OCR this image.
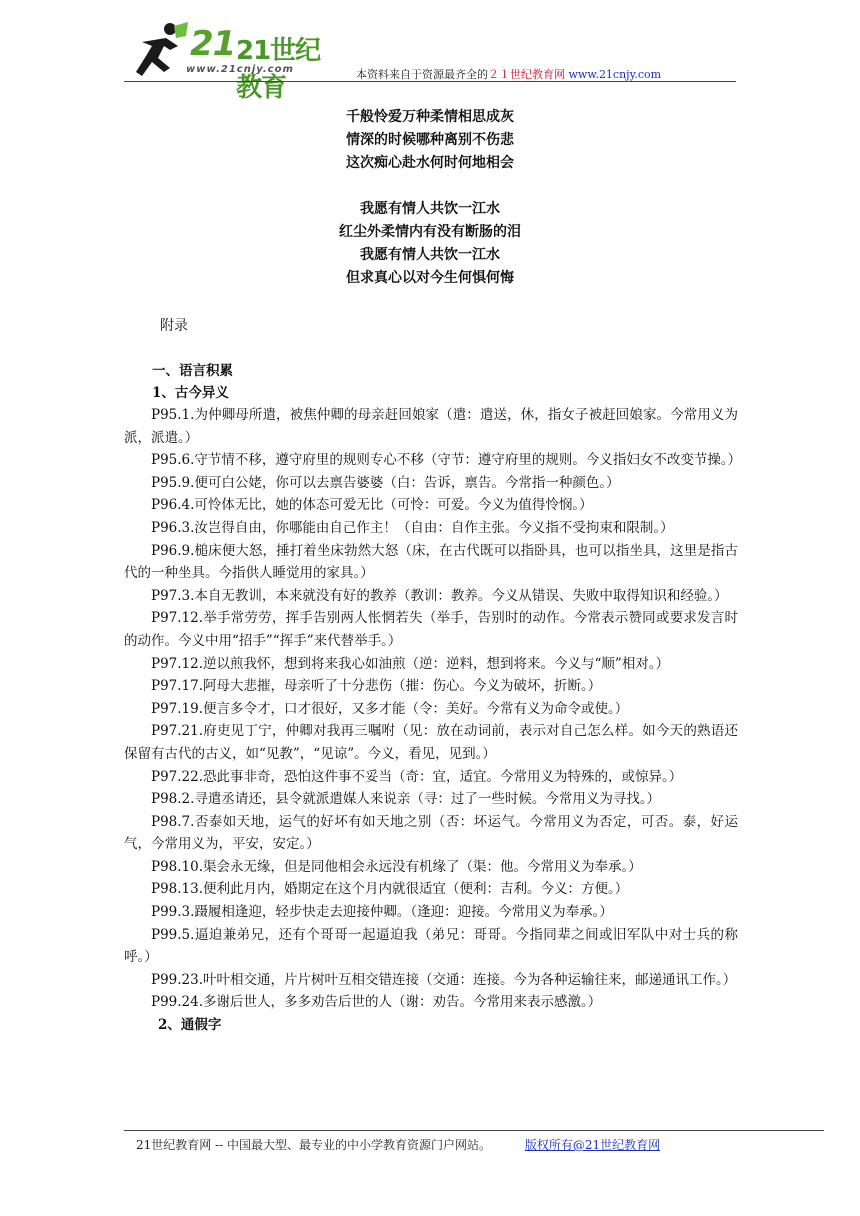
21 21世纪教育
www.21cnjy.com	本资料来自于资源最齐全的２１世纪教育网 www.21cnjy.com
千般怜爱万种柔情相思成灰
情深的时候哪种离别不伤悲
这次痴心赴水何时何地相会
我愿有情人共饮一江水
红尘外柔情内有没有断肠的泪
我愿有情人共饮一江水
但求真心以对今生何惧何悔
附录
一、语言积累
1、古今异义

P95.1.为仲卿母所遣，被焦仲卿的母亲赶回娘家（遣：遣送，休，指女子被赶回娘家。今常用义为派，派遣。）

P95.6.守节情不移，遵守府里的规则专心不移（守节：遵守府里的规则。今义指妇女不改变节操。）

P95.9.便可白公姥，你可以去禀告婆婆（白：告诉，禀告。今常指一种颜色。）

P96.4.可怜体无比，她的体态可爱无比（可怜：可爱。今义为值得怜悯。）

P96.3.汝岂得自由，你哪能由自己作主！（自由：自作主张。今义指不受拘束和限制。）

P96.9.槌床便大怒，捶打着坐床勃然大怒（床，在古代既可以指卧具，也可以指坐具，这里是指古代的一种坐具。今指供人睡觉用的家具。）

P97.3.本自无教训，本来就没有好的教养（教训：教养。今义从错误、失败中取得知识和经验。）

P97.12.举手常劳劳，挥手告别两人怅惘若失（举手，告别时的动作。今常表示赞同或要求发言时的动作。今义中用“招手”“挥手”来代替举手。）

P97.12.逆以煎我怀，想到将来我心如油煎（逆：逆料，想到将来。今义与“顺”相对。）

P97.17.阿母大悲摧，母亲听了十分悲伤（摧：伤心。今义为破坏，折断。）

P97.19.便言多令才，口才很好，又多才能（令：美好。今常有义为命令或使。）

P97.21.府吏见丁宁，仲卿对我再三嘱咐（见：放在动词前，表示对自己怎么样。如今天的熟语还保留有古代的古义，如“见教”，“见谅”。今义，看见，见到。）

P97.22.恐此事非奇，恐怕这件事不妥当（奇：宜，适宜。今常用义为特殊的，或惊异。）

P98.2.寻遣丞请还，县令就派遣媒人来说亲（寻：过了一些时候。今常用义为寻找。）

P98.7.否泰如天地，运气的好坏有如天地之别（否：坏运气。今常用义为否定，可否。泰，好运气，今常用义为，平安，安定。）

P98.10.渠会永无缘，但是同他相会永远没有机缘了（渠：他。今常用义为奉承。）

P98.13.便利此月内，婚期定在这个月内就很适宜（便利：吉利。今义：方便。）

P99.3.蹑履相逢迎，轻步快走去迎接仲卿。（逢迎：迎接。今常用义为奉承。）

P99.5.逼迫兼弟兄，还有个哥哥一起逼迫我（弟兄：哥哥。今指同辈之间或旧军队中对士兵的称呼。）

P99.23.叶叶相交通，片片树叶互相交错连接（交通：连接。今为各种运输往来，邮递通讯工作。）

P99.24.多谢后世人，多多劝告后世的人（谢：劝告。今常用来表示感激。）

2、通假字
21世纪教育网 -- 中国最大型、最专业的中小学教育资源门户网站。	版权所有@21世纪教育网
